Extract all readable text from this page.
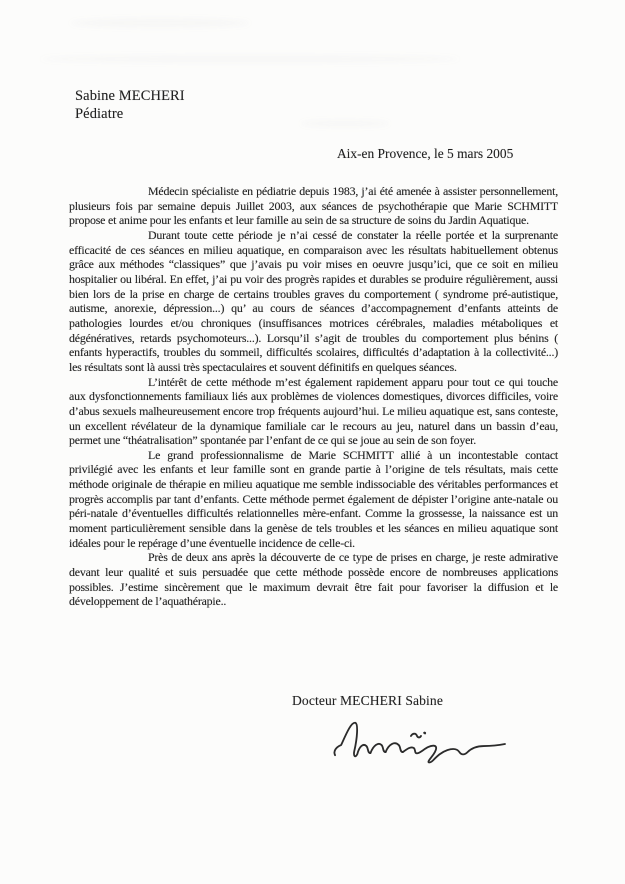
Sabine MECHERI
Pédiatre
Aix-en Provence, le 5 mars 2005

Médecin spécialiste en pédiatrie depuis 1983, j’ai été amenée à assister personnellement, plusieurs fois par semaine depuis Juillet 2003, aux séances de psychothérapie que Marie SCHMITT propose et anime pour les enfants et leur famille au sein de sa structure de soins du Jardin Aquatique.

Durant toute cette période je n’ai cessé de constater la réelle portée et la surprenante efficacité de ces séances en milieu aquatique, en comparaison avec les résultats habituellement obtenus grâce aux méthodes “classiques” que j’avais pu voir mises en oeuvre jusqu’ici, que ce soit en milieu hospitalier ou libéral. En effet, j’ai pu voir des progrès rapides et durables se produire régulièrement, aussi bien lors de la prise en charge de certains troubles graves du comportement ( syndrome pré-autistique, autisme, anorexie, dépression...) qu’ au cours de séances d’accompagnement d’enfants atteints de pathologies lourdes et/ou chroniques (insuffisances motrices cérébrales, maladies métaboliques et dégénératives, retards psychomoteurs...). Lorsqu’il s’agit de troubles du comportement plus bénins ( enfants hyperactifs, troubles du sommeil, difficultés scolaires, difficultés d’adaptation à la collectivité...) les résultats sont là aussi très spectaculaires et souvent définitifs en quelques séances.

L’intérêt de cette méthode m’est également rapidement apparu pour tout ce qui touche aux dysfonctionnements familiaux liés aux problèmes de violences domestiques, divorces difficiles, voire d’abus sexuels malheureusement encore trop fréquents aujourd’hui. Le milieu aquatique est, sans conteste, un excellent révélateur de la dynamique familiale car le recours au jeu, naturel dans un bassin d’eau, permet une “théatralisation” spontanée par l’enfant de ce qui se joue au sein de son foyer.

Le grand professionnalisme de Marie SCHMITT allié à un incontestable contact privilégié avec les enfants et leur famille sont en grande partie à l’origine de tels résultats, mais cette méthode originale de thérapie en milieu aquatique me semble indissociable des véritables performances et progrès accomplis par tant d’enfants. Cette méthode permet également de dépister l’origine ante-natale ou péri-natale d’éventuelles difficultés relationnelles mère-enfant. Comme la grossesse, la naissance est un moment particulièrement sensible dans la genèse de tels troubles et les séances en milieu aquatique sont idéales pour le repérage d’une éventuelle incidence de celle-ci.

Près de deux ans après la découverte de ce type de prises en charge, je reste admirative devant leur qualité et suis persuadée que cette méthode possède encore de nombreuses applications possibles. J’estime sincèrement que le maximum devrait être fait pour favoriser la diffusion et le développement de l’aquathérapie..

Docteur MECHERI Sabine
